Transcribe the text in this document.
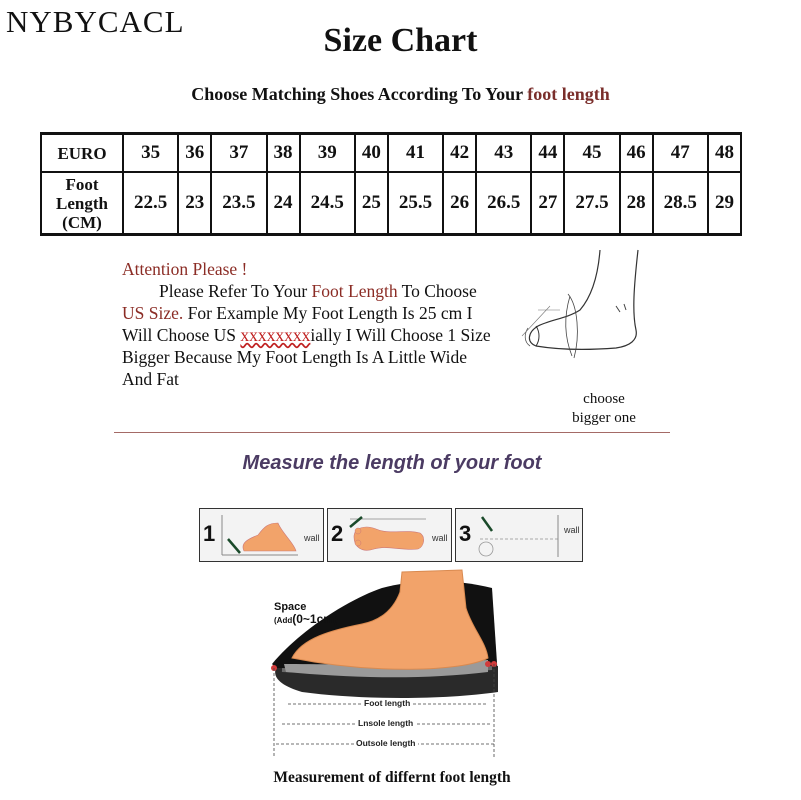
NYBYCACL
Size Chart
Choose Matching Shoes According To Your foot length
EURO	35	36	37	38	39	40	41	42	43	44	45	46	47	48

Foot
Length
(CM)	22.5	23	23.5	24	24.5	25	25.5	26	26.5	27	27.5	28	28.5	29
Attention Please !
Please Refer To Your Foot Length To Choose
US Size. For Example My Foot Length Is 25 cm I
Will Choose US xxxxxxxxially I Will Choose 1 Size
Bigger Because My Foot Length Is A Little Wide
And Fat
choose
bigger one
Measure the length of your foot
1	wall 2	wall 3	wall
Space
(Add(0~1cm)
Foot length
Lnsole length
Outsole length
Measurement of differnt foot length
